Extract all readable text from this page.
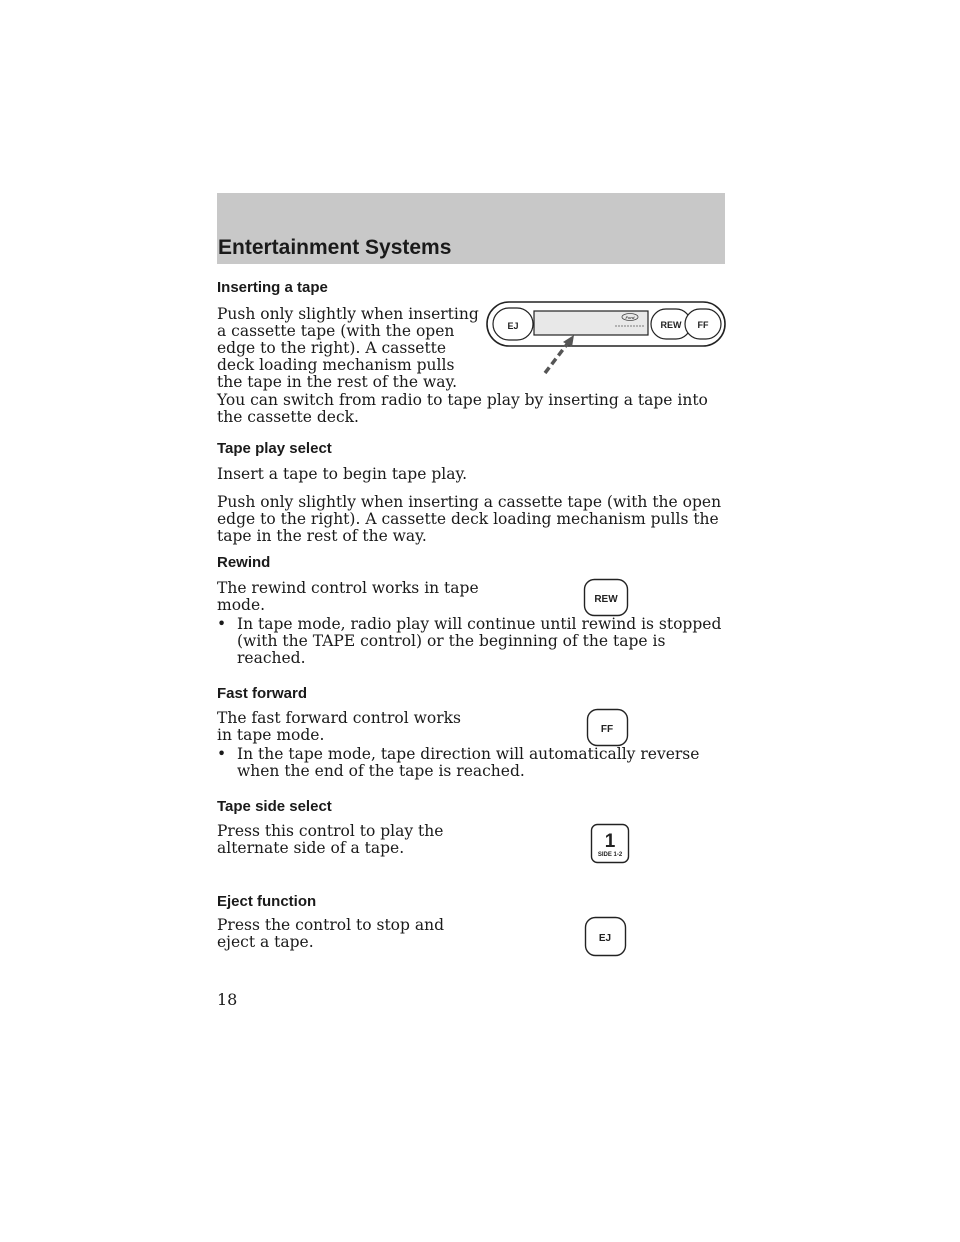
Entertainment Systems
Inserting a tape

Push only slightly when inserting a cassette tape (with the open edge to the right). A cassette deck loading mechanism pulls the tape in the rest of the way.

You can switch from radio to tape play by inserting a tape into the cassette deck.

EJ
Ford
REW FF
Tape play select

Insert a tape to begin tape play.

Push only slightly when inserting a cassette tape (with the open edge to the right). A cassette deck loading mechanism pulls the tape in the rest of the way.

Rewind

The rewind control works in tape mode.

• In tape mode, radio play will continue until rewind is stopped (with the TAPE control) or the beginning of the tape is reached.
REW
Fast forward

The fast forward control works in tape mode.

• In the tape mode, tape direction will automatically reverse when the end of the tape is reached.
FF
Tape side select

Press this control to play the alternate side of a tape.	1
SIDE 1-2
Eject function

Press the control to stop and eject a tape.	EJ
18
